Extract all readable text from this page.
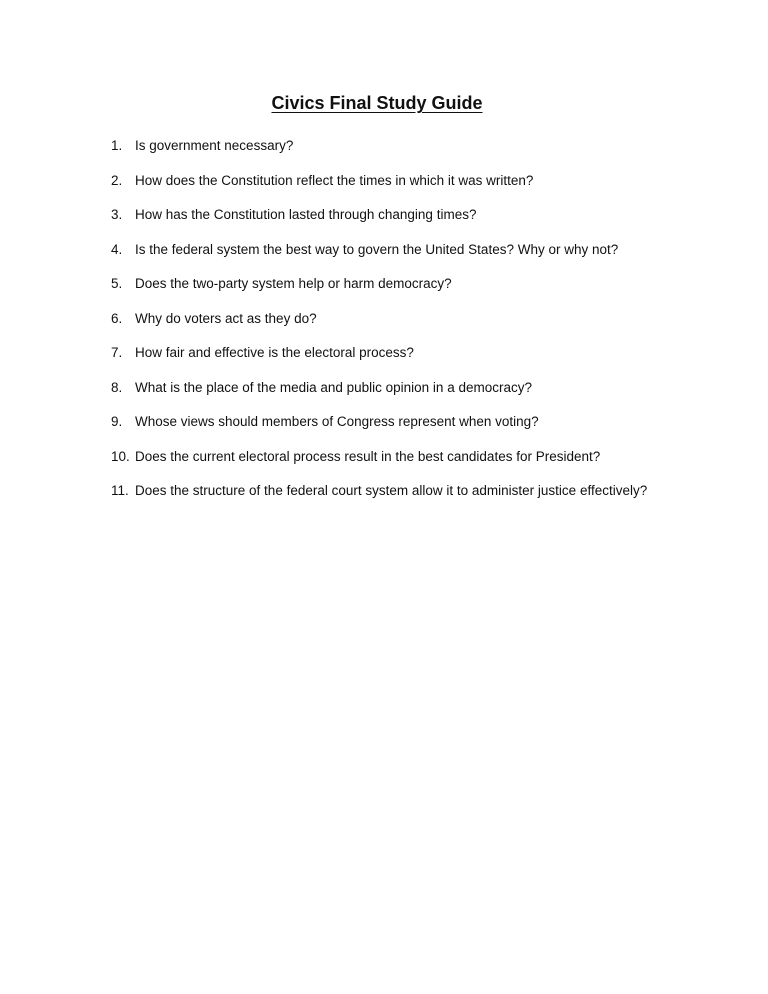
Civics Final Study Guide
1. Is government necessary?
2. How does the Constitution reflect the times in which it was written?
3. How has the Constitution lasted through changing times?
4. Is the federal system the best way to govern the United States? Why or why not?
5. Does the two-party system help or harm democracy?
6. Why do voters act as they do?
7. How fair and effective is the electoral process?
8. What is the place of the media and public opinion in a democracy?
9. Whose views should members of Congress represent when voting?
10. Does the current electoral process result in the best candidates for President?
11. Does the structure of the federal court system allow it to administer justice effectively?
